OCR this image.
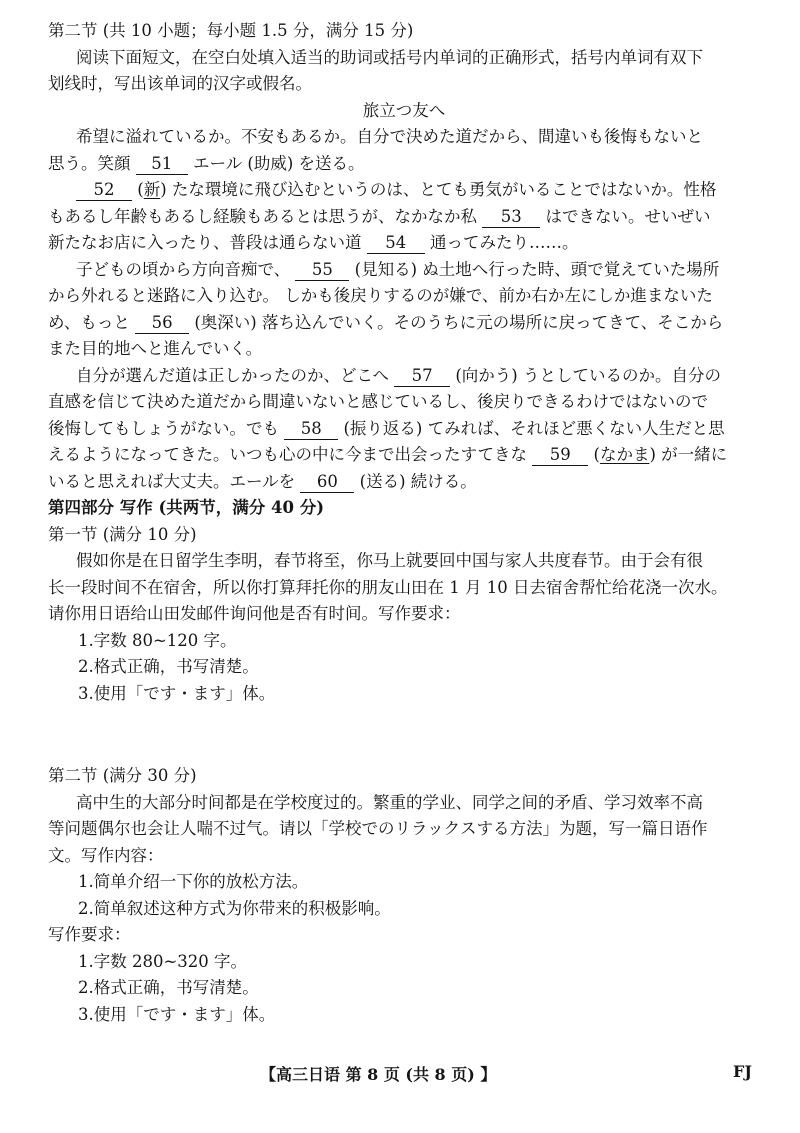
第二节 (共 10 小题；每小题 1.5 分，满分 15 分)

阅读下面短文，在空白处填入适当的助词或括号内单词的正确形式，括号内单词有双下

划线时，写出该单词的汉字或假名。

旅立つ友へ

希望に溢れているか。不安もあるか。自分で決めた道だから、間違いも後悔もないと

思う。笑顔 51 エール (助威) を送る。

52 (新) たな環境に飛び込むというのは、とても勇気がいることではないか。性格

もあるし年齢もあるし経験もあるとは思うが、なかなか私 53 はできない。せいぜい

新たなお店に入ったり、普段は通らない道 54 通ってみたり……。

子どもの頃から方向音痴で、 55 (見知る) ぬ土地へ行った時、頭で覚えていた場所

から外れると迷路に入り込む。 しかも後戻りするのが嫌で、前か右か左にしか進まないた

め、もっと 56 (奥深い) 落ち込んでいく。そのうちに元の場所に戻ってきて、そこから

また目的地へと進んでいく。

自分が選んだ道は正しかったのか、どこへ 57 (向かう) うとしているのか。自分の

直感を信じて決めた道だから間違いないと感じているし、後戻りできるわけではないので

後悔してもしょうがない。でも 58 (振り返る) てみれば、それほど悪くない人生だと思

えるようになってきた。いつも心の中に今まで出会ったすてきな 59 (なかま) が一緒に

いると思えれば大丈夫。エールを 60 (送る) 続ける。

第四部分 写作 (共两节，满分 40 分)

第一节 (满分 10 分)

假如你是在日留学生李明，春节将至，你马上就要回中国与家人共度春节。由于会有很

长一段时间不在宿舍，所以你打算拜托你的朋友山田在 1 月 10 日去宿舍帮忙给花浇一次水。

请你用日语给山田发邮件询问他是否有时间。写作要求：

1.字数 80~120 字。

2.格式正确，书写清楚。

3.使用「です・ます」体。

第二节 (满分 30 分)

高中生的大部分时间都是在学校度过的。繁重的学业、同学之间的矛盾、学习效率不高

等问题偶尔也会让人喘不过气。请以「学校でのリラックスする方法」为题，写一篇日语作

文。写作内容：

1.简单介绍一下你的放松方法。

2.简单叙述这种方式为你带来的积极影响。

写作要求：

1.字数 280~320 字。

2.格式正确，书写清楚。

3.使用「です・ます」体。

【高三日语 第 8 页 (共 8 页) 】	FJ
